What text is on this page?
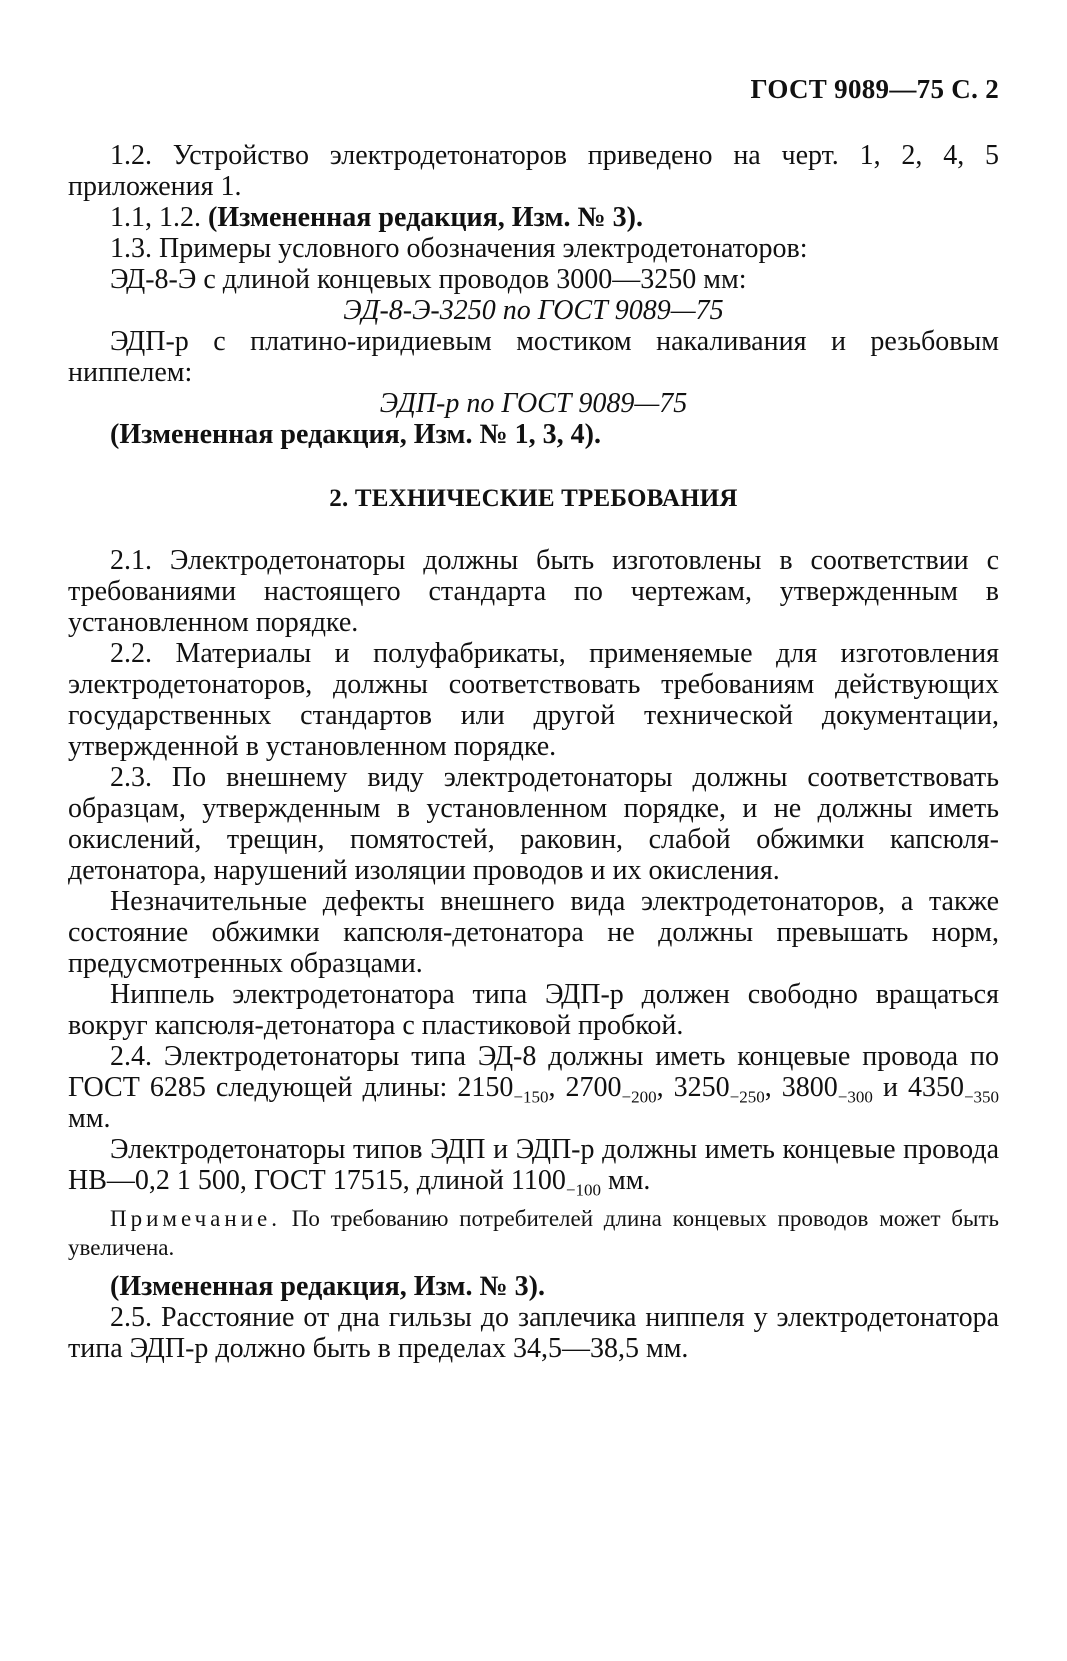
ГОСТ 9089—75 С. 2

1.2. Устройство электродетонаторов приведено на черт. 1, 2, 4, 5 приложения 1.

1.1, 1.2. (Измененная редакция, Изм. № 3).

1.3. Примеры условного обозначения электродетонаторов:

ЭД-8-Э с длиной концевых проводов 3000—3250 мм:

ЭД-8-Э-3250 по ГОСТ 9089—75

ЭДП-р с платино-иридиевым мостиком накаливания и резьбовым ниппелем:

ЭДП-р по ГОСТ 9089—75

(Измененная редакция, Изм. № 1, 3, 4).

2. ТЕХНИЧЕСКИЕ ТРЕБОВАНИЯ

2.1. Электродетонаторы должны быть изготовлены в соответствии с требованиями настоящего стандарта по чертежам, утвержденным в установленном порядке.

2.2. Материалы и полуфабрикаты, применяемые для изготовления электродетонаторов, должны соответствовать требованиям действующих государственных стандартов или другой технической документации, утвержденной в установленном порядке.

2.3. По внешнему виду электродетонаторы должны соответствовать образцам, утвержденным в установленном порядке, и не должны иметь окислений, трещин, помятостей, раковин, слабой обжимки капсюля-детонатора, нарушений изоляции проводов и их окисления.

Незначительные дефекты внешнего вида электродетонаторов, а также состояние обжимки капсюля-детонатора не должны превышать норм, предусмотренных образцами.

Ниппель электродетонатора типа ЭДП-р должен свободно вращаться вокруг капсюля-детонатора с пластиковой пробкой.

2.4. Электродетонаторы типа ЭД-8 должны иметь концевые провода по ГОСТ 6285 следующей длины: $2150_{-150}$, $2700_{-200}$, $3250_{-250}$, $3800_{-300}$ и $4350_{-350}$ мм.

Электродетонаторы типов ЭДП и ЭДП-р должны иметь концевые провода НВ—0,2 1 500, ГОСТ 17515, длиной $1100_{-100}$ мм.

Примечание. По требованию потребителей длина концевых проводов может быть увеличена.

(Измененная редакция, Изм. № 3).

2.5. Расстояние от дна гильзы до заплечика ниппеля у электродетонатора типа ЭДП-р должно быть в пределах 34,5—38,5 мм.
